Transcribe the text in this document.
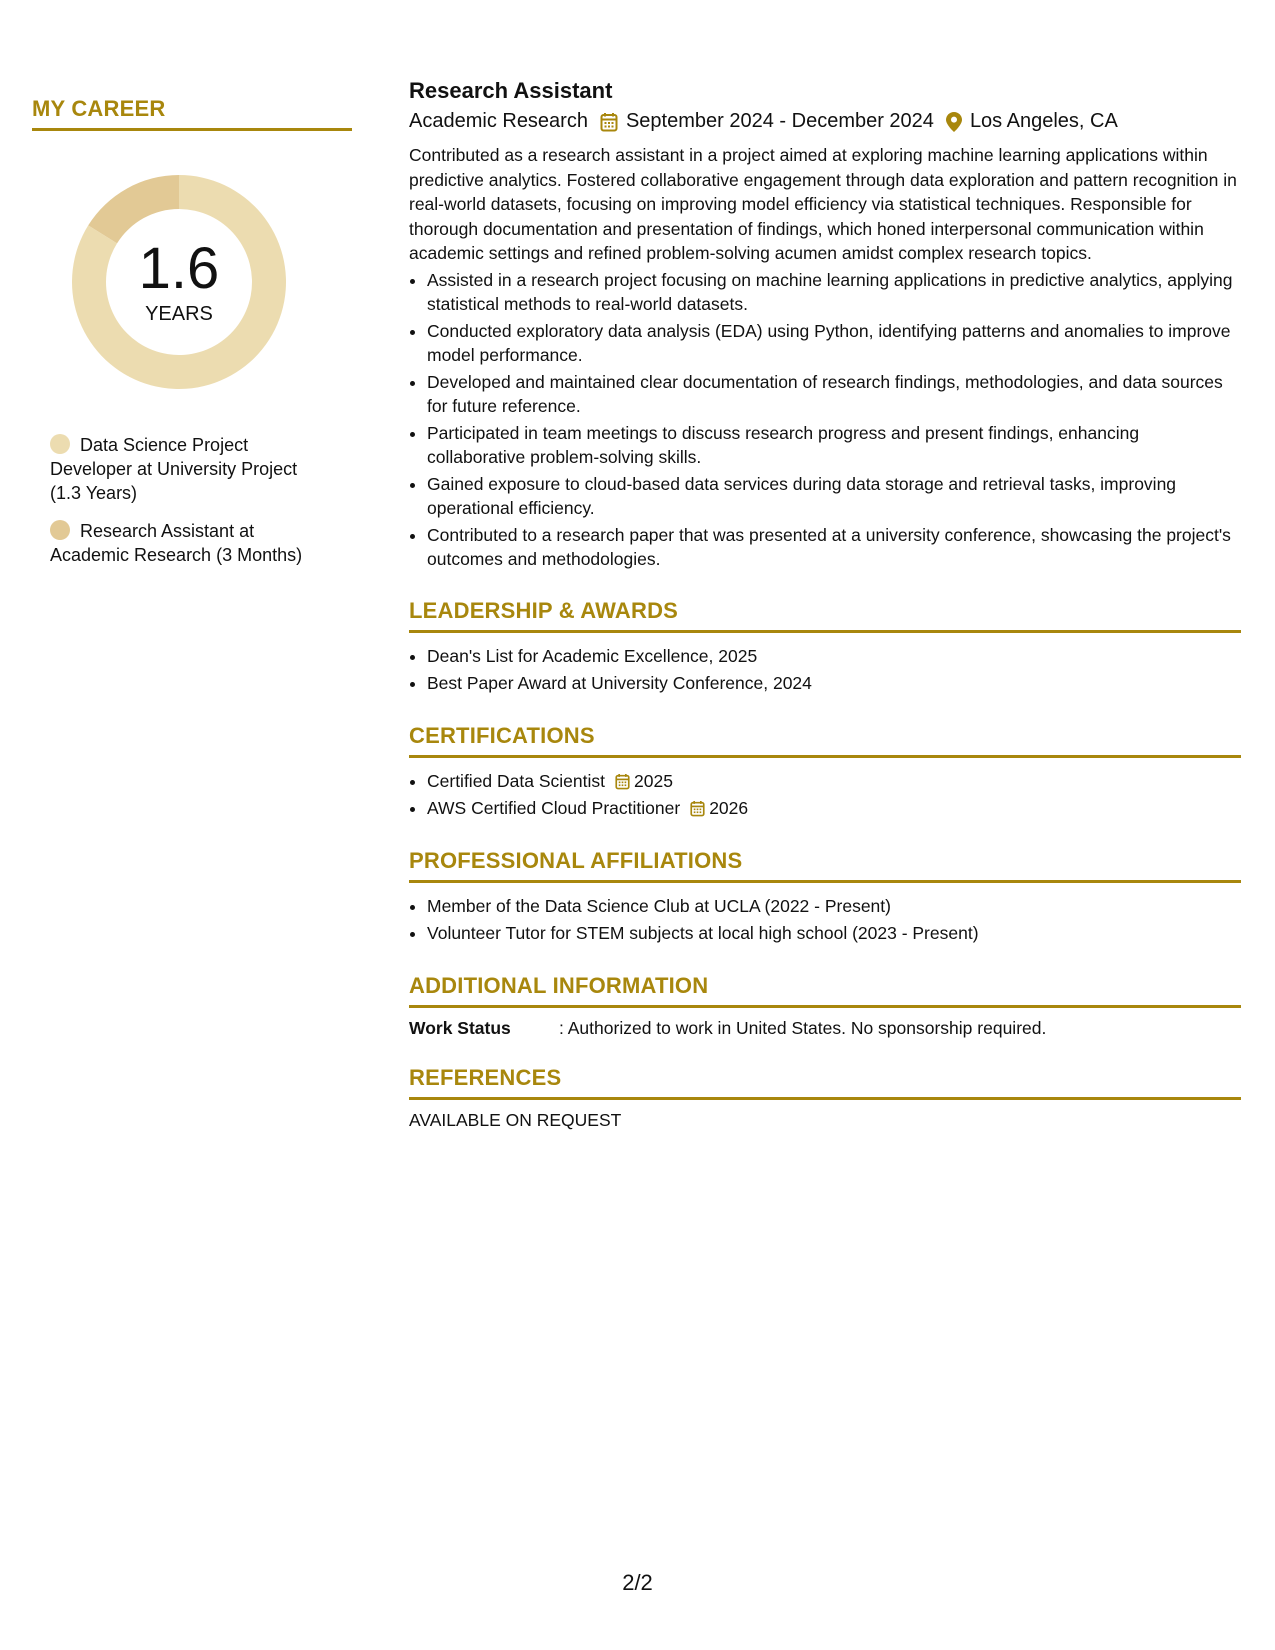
MY CAREER
1.6
YEARS
Data Science Project Developer at University Project (1.3 Years)
Research Assistant at Academic Research (3 Months)
Research Assistant
Academic Research September 2024 - December 2024 Los Angeles, CA

Contributed as a research assistant in a project aimed at exploring machine learning applications within predictive analytics. Fostered collaborative engagement through data exploration and pattern recognition in real-world datasets, focusing on improving model efficiency via statistical techniques. Responsible for thorough documentation and presentation of findings, which honed interpersonal communication within academic settings and refined problem-solving acumen amidst complex research topics.

• Assisted in a research project focusing on machine learning applications in predictive analytics, applying statistical methods to real-world datasets.
• Conducted exploratory data analysis (EDA) using Python, identifying patterns and anomalies to improve model performance.
• Developed and maintained clear documentation of research findings, methodologies, and data sources for future reference.
• Participated in team meetings to discuss research progress and present findings, enhancing collaborative problem-solving skills.
• Gained exposure to cloud-based data services during data storage and retrieval tasks, improving operational efficiency.
• Contributed to a research paper that was presented at a university conference, showcasing the project's outcomes and methodologies.
LEADERSHIP & AWARDS
• Dean's List for Academic Excellence, 2025
• Best Paper Award at University Conference, 2024
CERTIFICATIONS
• Certified Data Scientist 2025
• AWS Certified Cloud Practitioner 2026
PROFESSIONAL AFFILIATIONS
• Member of the Data Science Club at UCLA (2022 - Present)
• Volunteer Tutor for STEM subjects at local high school (2023 - Present)
ADDITIONAL INFORMATION
Work Status	: Authorized to work in United States. No sponsorship required.
REFERENCES
AVAILABLE ON REQUEST
2/2
